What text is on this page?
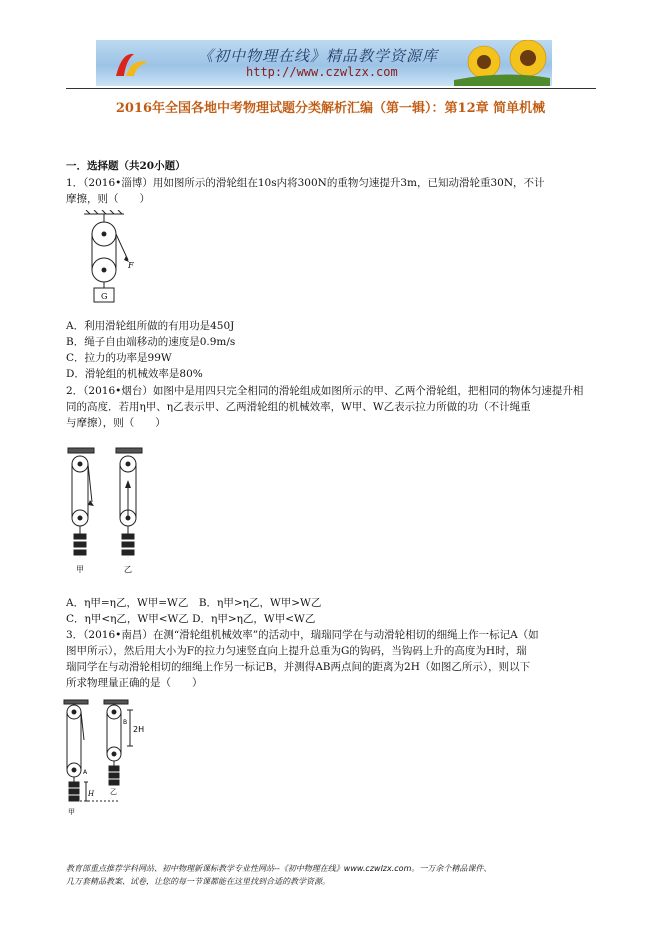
《初中物理在线》精品教学资源库
http://www.czwlzx.com
2016年全国各地中考物理试题分类解析汇编（第一辑）：第12章 简单机械
一．选择题（共20小题）
1．（2016•淄博）用如图所示的滑轮组在10s内将300N的重物匀速提升3m，已知动滑轮重30N，不计
摩擦，则（　　）
F
G
A．利用滑轮组所做的有用功是450J
B．绳子自由端移动的速度是0.9m/s
C．拉力的功率是99W
D．滑轮组的机械效率是80%
2．（2016•烟台）如图中是用四只完全相同的滑轮组成如图所示的甲、乙两个滑轮组，把相同的物体匀速提升相
同的高度．若用η甲、η乙表示甲、乙两滑轮组的机械效率，W甲、W乙表示拉力所做的功（不计绳重
与摩擦），则（　　）
甲	乙
A．η甲=η乙，W甲=W乙　B．η甲>η乙，W甲>W乙
C．η甲<η乙，W甲<W乙 D．η甲>η乙，W甲<W乙
3．（2016•南昌）在测“滑轮组机械效率”的活动中，瑞瑞同学在与动滑轮相切的细绳上作一标记A（如
图甲所示），然后用大小为F的拉力匀速竖直向上提升总重为G的钩码，当钩码上升的高度为H时，瑞
瑞同学在与动滑轮相切的细绳上作另一标记B，并测得AB两点间的距离为2H（如图乙所示），则以下
所求物理量正确的是（　　）
2H
H
A
B
甲
乙
教育部重点推荐学科网站、初中物理新课标教学专业性网站--《初中物理在线》www.czwlzx.com。一万余个精品课件、
几万套精品教案、试卷，让您的每一节课都能在这里找到合适的教学资源。
